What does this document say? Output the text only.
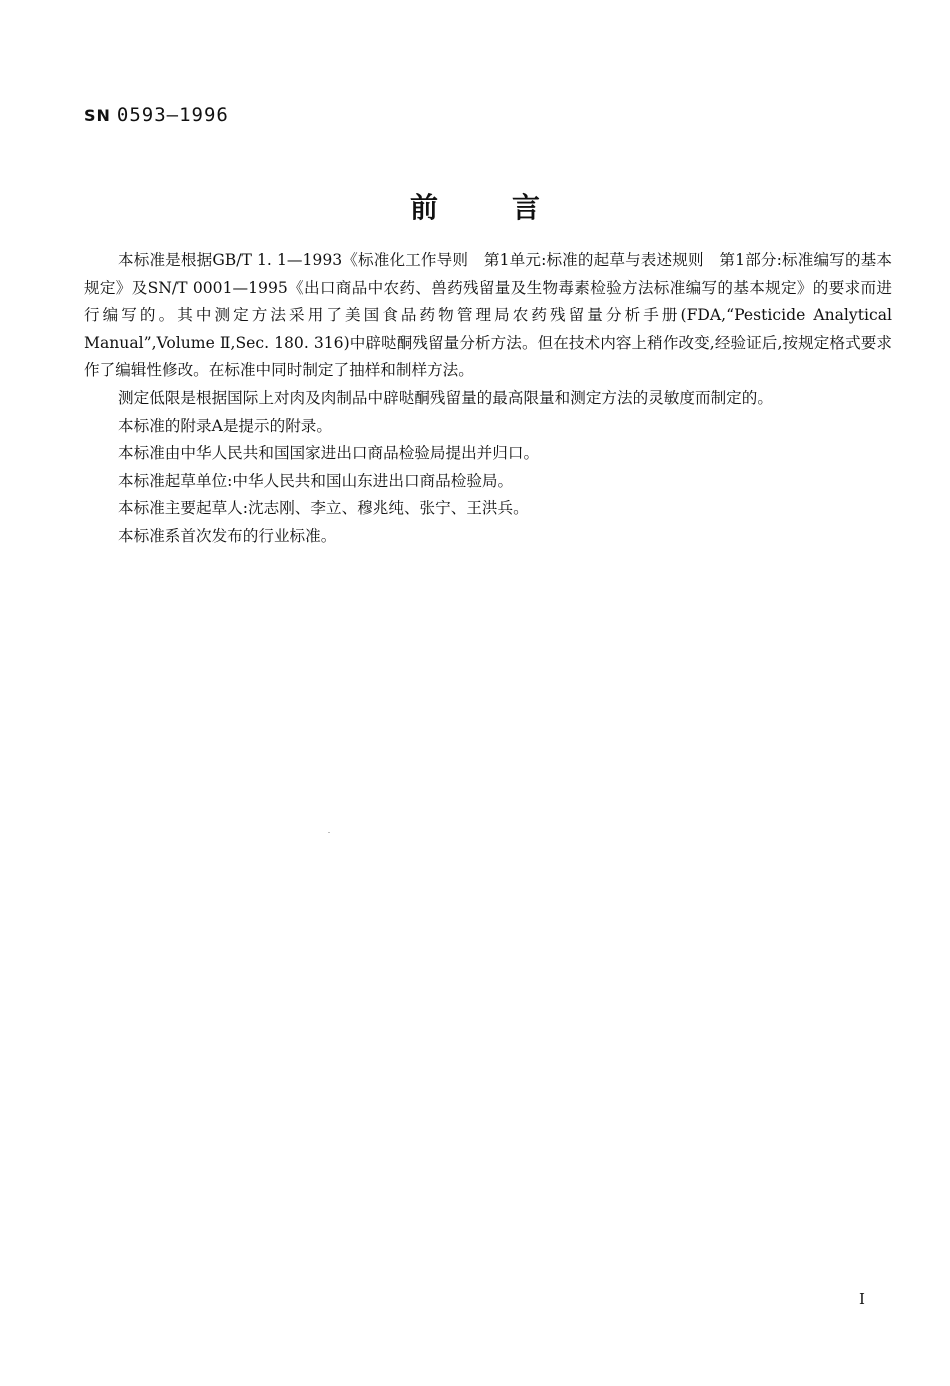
SN 0593—1996
前言

本标准是根据GB/T 1. 1—1993《标准化工作导则　第1单元:标准的起草与表述规则　第1部分:标准编写的基本规定》及SN/T 0001—1995《出口商品中农药、兽药残留量及生物毒素检验方法标准编写的基本规定》的要求而进行编写的。其中测定方法采用了美国食品药物管理局农药残留量分析手册(FDA,“Pesticide Analytical Manual”,Volume Ⅱ,Sec. 180. 316)中辟哒酮残留量分析方法。但在技术内容上稍作改变,经验证后,按规定格式要求作了编辑性修改。在标准中同时制定了抽样和制样方法。

测定低限是根据国际上对肉及肉制品中辟哒酮残留量的最高限量和测定方法的灵敏度而制定的。

本标准的附录A是提示的附录。

本标准由中华人民共和国国家进出口商品检验局提出并归口。

本标准起草单位:中华人民共和国山东进出口商品检验局。

本标准主要起草人:沈志刚、李立、穆兆纯、张宁、王洪兵。

本标准系首次发布的行业标准。

I
